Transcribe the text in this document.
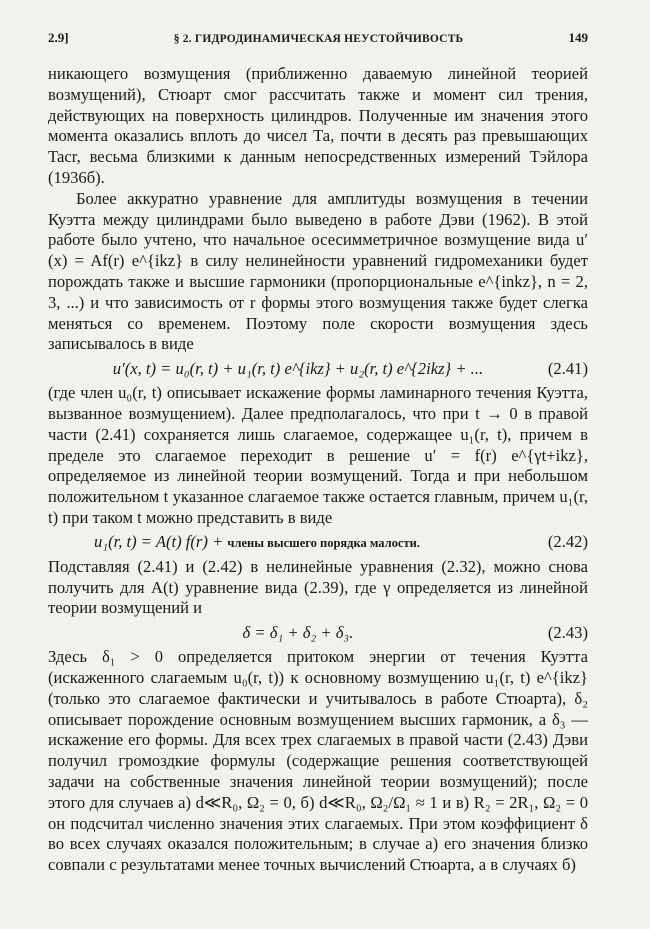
2.9]	§ 2. ГИДРОДИНАМИЧЕСКАЯ НЕУСТОЙЧИВОСТЬ	149

никающего возмущения (приближенно даваемую линейной теорией возмущений), Стюарт смог рассчитать также и момент сил трения, действующих на поверхность цилиндров. Полученные им значения этого момента оказались вплоть до чисел Та, почти в десять раз превышающих Taсr, весьма близкими к данным непосредственных измерений Тэйлора (1936б).

Более аккуратно уравнение для амплитуды возмущения в течении Куэтта между цилиндрами было выведено в работе Дэви (1962). В этой работе было учтено, что начальное осесимметричное возмущение вида u′(x) = Af(r) e^{ikz} в силу нелинейности уравнений гидромеханики будет порождать также и высшие гармоники (пропорциональные e^{inkz}, n = 2, 3, ...) и что зависимость от r формы этого возмущения также будет слегка меняться со временем. Поэтому поле скорости возмущения здесь записывалось в виде

u′(x, t) = u₀(r, t) + u₁(r, t) e^{ikz} + u₂(r, t) e^{2ikz} + ...	(2.41)

(где член u₀(r, t) описывает искажение формы ламинарного течения Куэтта, вызванное возмущением). Далее предполагалось, что при t → 0 в правой части (2.41) сохраняется лишь слагаемое, содержащее u₁(r, t), причем в пределе это слагаемое переходит в решение u′ = f(r) e^{γt+ikz}, определяемое из линейной теории возмущений. Тогда и при небольшом положительном t указанное слагаемое также остается главным, причем u₁(r, t) при таком t можно представить в виде

u₁(r, t) = A(t) f(r) + члены высшего порядка малости.	(2.42)

Подставляя (2.41) и (2.42) в нелинейные уравнения (2.32), можно снова получить для A(t) уравнение вида (2.39), где γ определяется из линейной теории возмущений и

δ = δ₁ + δ₂ + δ₃.	(2.43)

Здесь δ₁ > 0 определяется притоком энергии от течения Куэтта (искаженного слагаемым u₀(r, t)) к основному возмущению u₁(r, t) e^{ikz} (только это слагаемое фактически и учитывалось в работе Стюарта), δ₂ описывает порождение основным возмущением высших гармоник, а δ₃ — искажение его формы. Для всех трех слагаемых в правой части (2.43) Дэви получил громоздкие формулы (содержащие решения соответствующей задачи на собственные значения линейной теории возмущений); после этого для случаев а) d≪R₀, Ω₂ = 0, б) d≪R₀, Ω₂/Ω₁ ≈ 1 и в) R₂ = 2R₁, Ω₂ = 0 он подсчитал численно значения этих слагаемых. При этом коэффициент δ во всех случаях оказался положительным; в случае а) его значения близко совпали с результатами менее точных вычислений Стюарта, а в случаях б)
